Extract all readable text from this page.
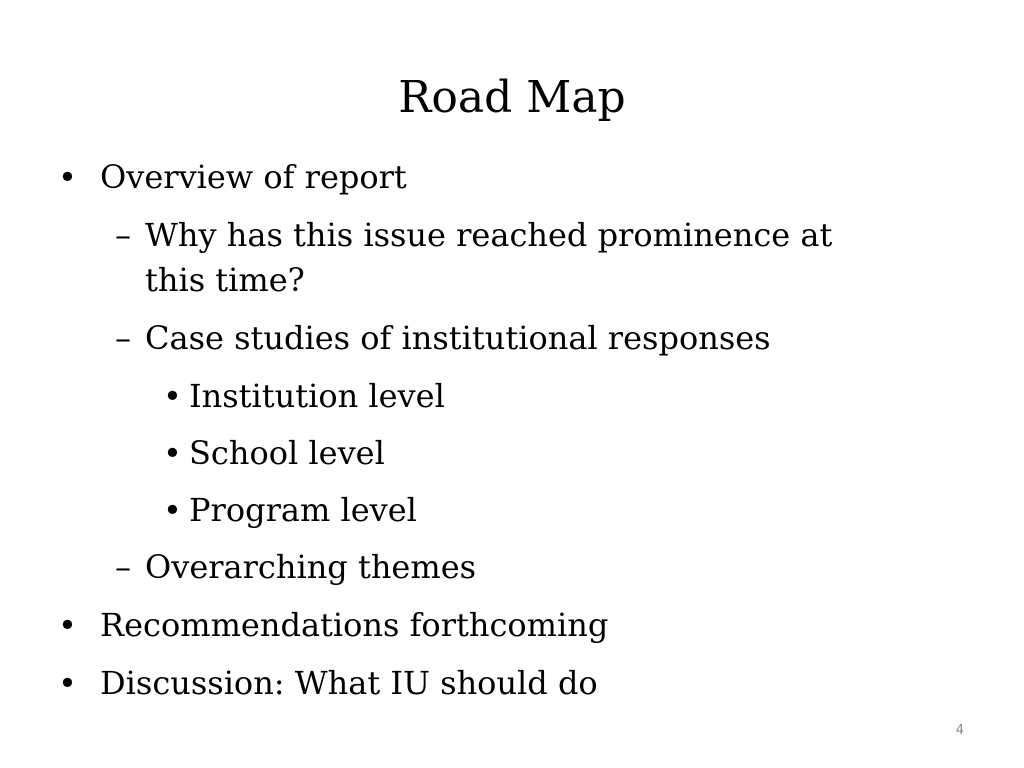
Road Map
• Overview of report
– Why has this issue reached prominence at
this time?
– Case studies of institutional responses
• Institution level
• School level
• Program level
– Overarching themes
• Recommendations forthcoming
• Discussion: What IU should do
4
